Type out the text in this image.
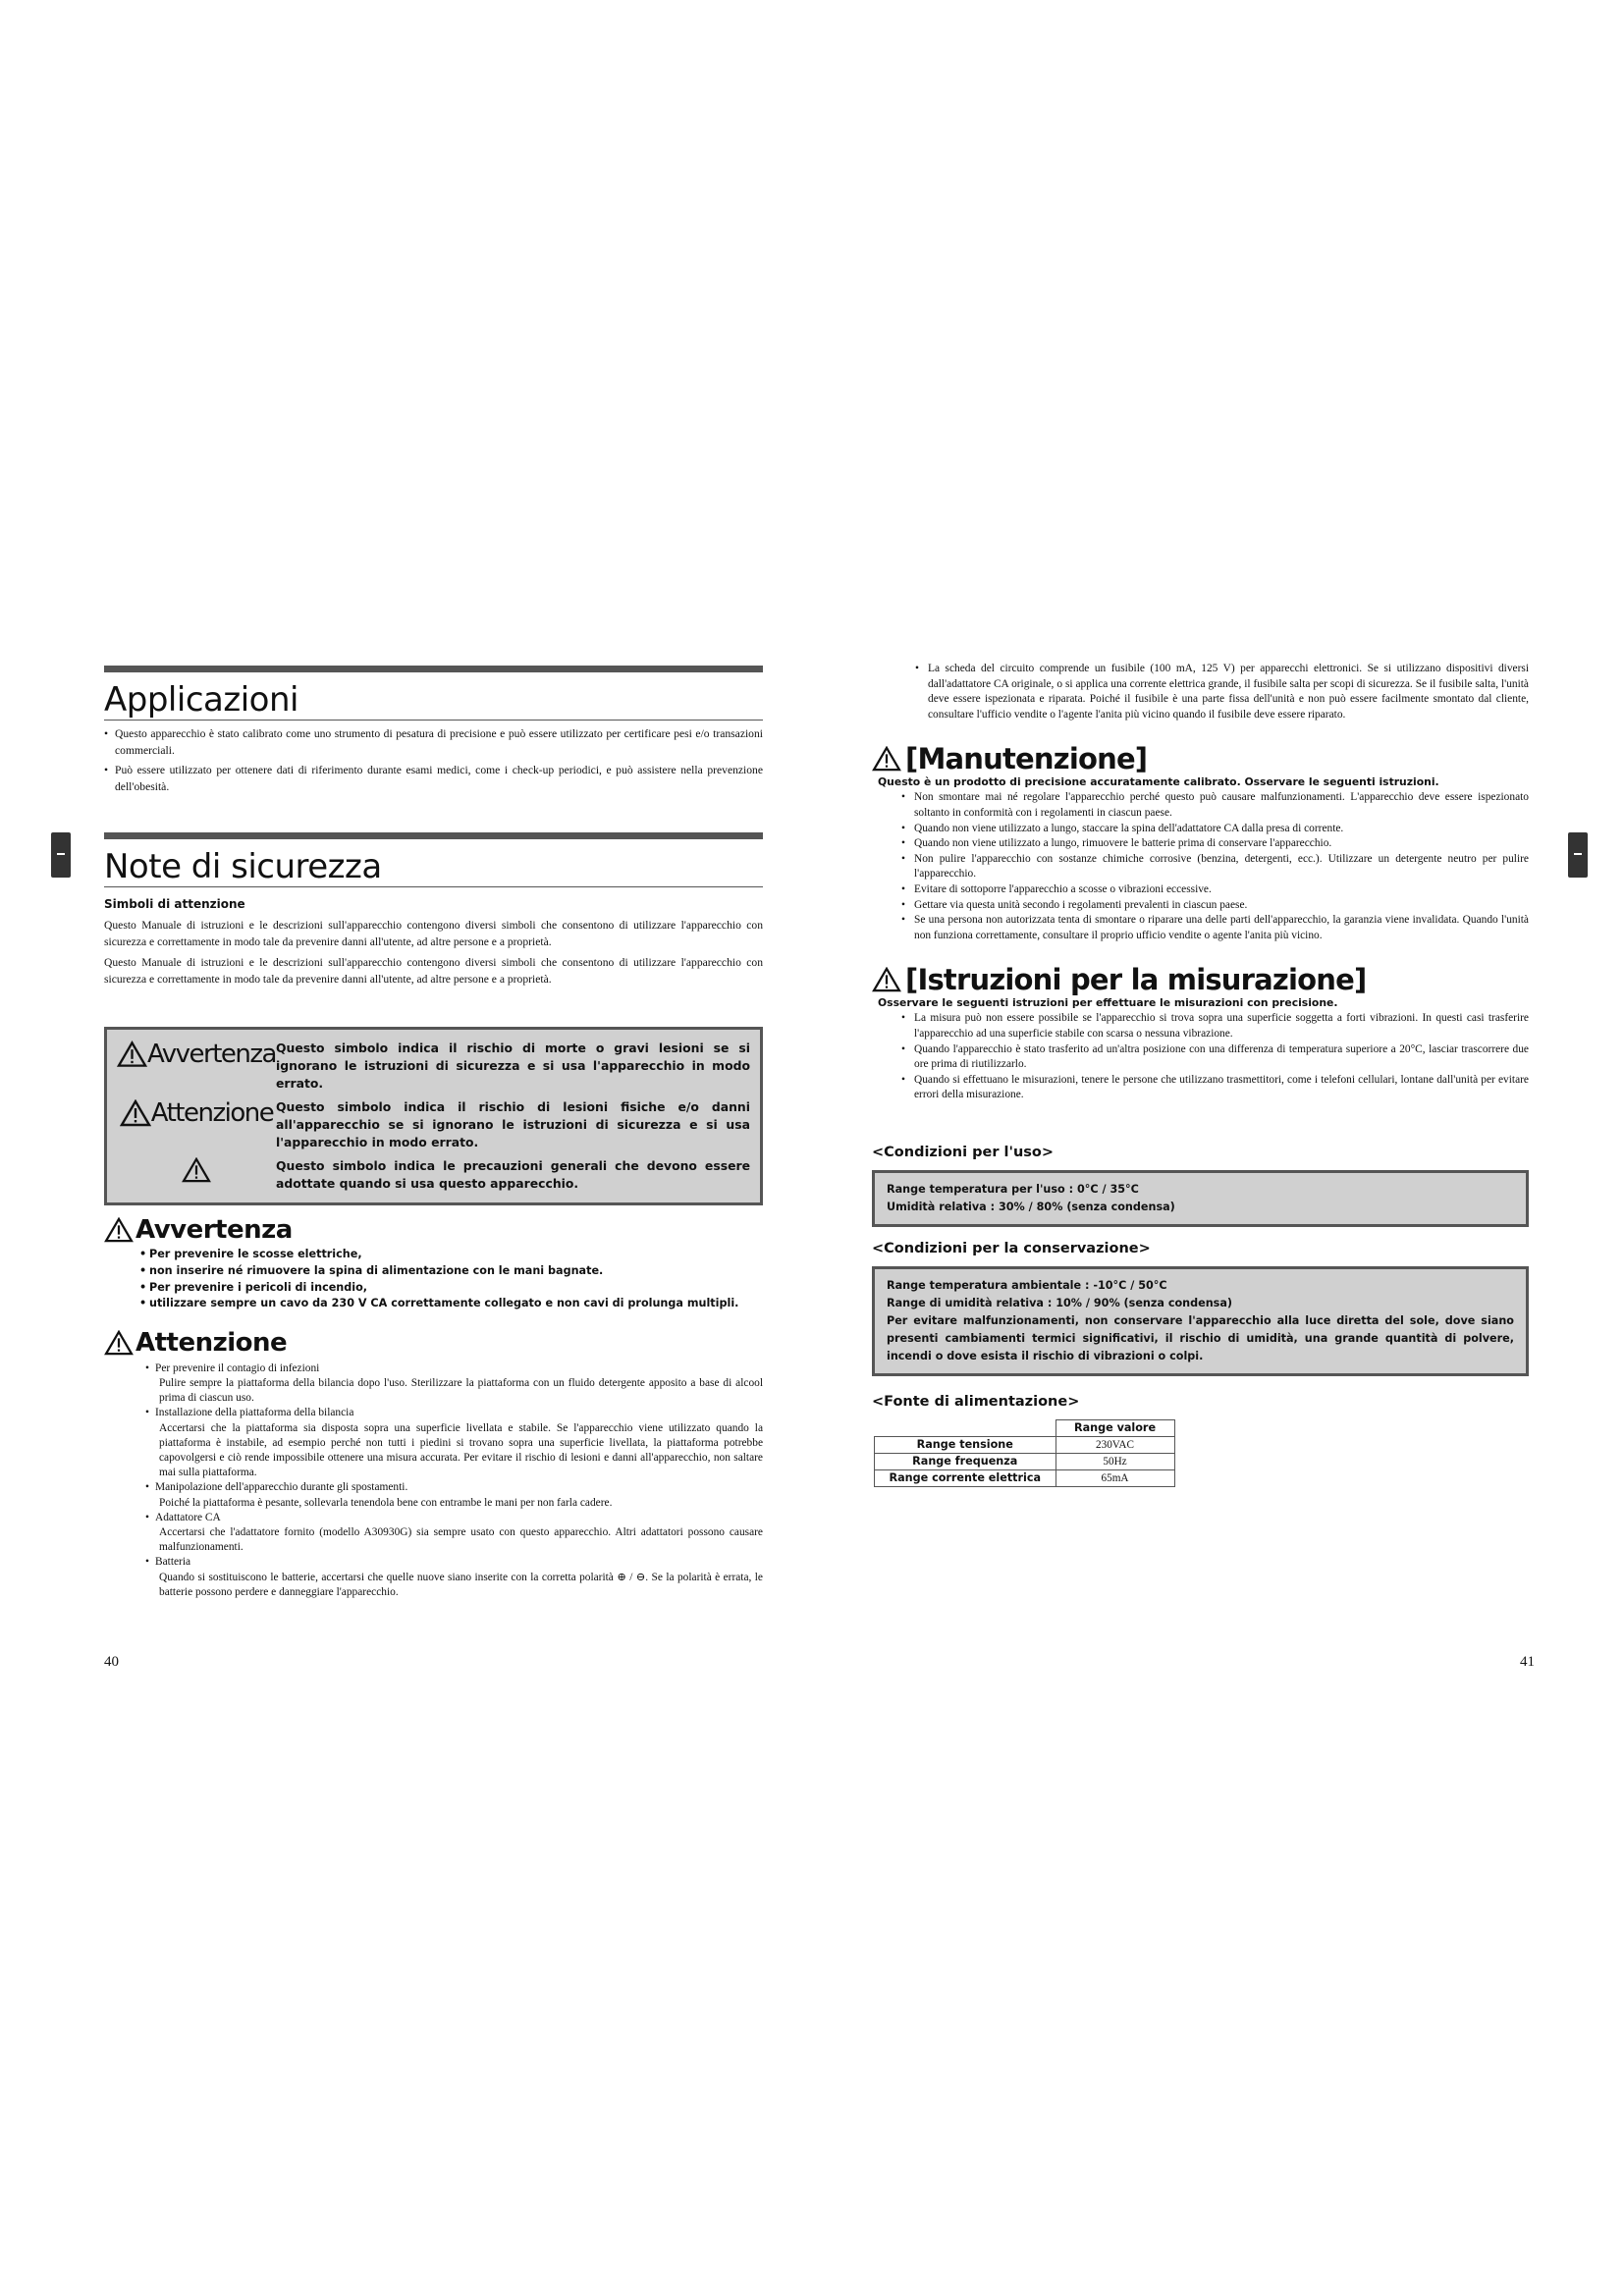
Applicazioni
• Questo apparecchio è stato calibrato come uno strumento di pesatura di precisione e può essere utilizzato per certificare pesi e/o transazioni commerciali.
• Può essere utilizzato per ottenere dati di riferimento durante esami medici, come i check-up periodici, e può assistere nella prevenzione dell'obesità.
Note di sicurezza
Simboli di attenzione

Questo Manuale di istruzioni e le descrizioni sull'apparecchio contengono diversi simboli che consentono di utilizzare l'apparecchio con sicurezza e correttamente in modo tale da prevenire danni all'utente, ad altre persone e a proprietà.

Questo Manuale di istruzioni e le descrizioni sull'apparecchio contengono diversi simboli che consentono di utilizzare l'apparecchio con sicurezza e correttamente in modo tale da prevenire danni all'utente, ad altre persone e a proprietà.

Avvertenza Questo simbolo indica il rischio di morte o gravi lesioni se si ignorano le istruzioni di sicurezza e si usa l'apparecchio in modo errato.
Attenzione Questo simbolo indica il rischio di lesioni fisiche e/o danni all'apparecchio se si ignorano le istruzioni di sicurezza e si usa l'apparecchio in modo errato.
Questo simbolo indica le precauzioni generali che devono essere adottate quando si usa questo apparecchio.
Avvertenza
• Per prevenire le scosse elettriche,
• non inserire né rimuovere la spina di alimentazione con le mani bagnate.
• Per prevenire i pericoli di incendio,
• utilizzare sempre un cavo da 230 V CA correttamente collegato e non cavi di prolunga multipli.
Attenzione
• Per prevenire il contagio di infezioni
Pulire sempre la piattaforma della bilancia dopo l'uso. Sterilizzare la piattaforma con un fluido detergente apposito a base di alcool prima di ciascun uso.
• Installazione della piattaforma della bilancia
Accertarsi che la piattaforma sia disposta sopra una superficie livellata e stabile. Se l'apparecchio viene utilizzato quando la piattaforma è instabile, ad esempio perché non tutti i piedini si trovano sopra una superficie livellata, la piattaforma potrebbe capovolgersi e ciò rende impossibile ottenere una misura accurata. Per evitare il rischio di lesioni e danni all'apparecchio, non saltare mai sulla piattaforma.
• Manipolazione dell'apparecchio durante gli spostamenti.
Poiché la piattaforma è pesante, sollevarla tenendola bene con entrambe le mani per non farla cadere.
• Adattatore CA
Accertarsi che l'adattatore fornito (modello A30930G) sia sempre usato con questo apparecchio. Altri adattatori possono causare malfunzionamenti.
• Batteria
Quando si sostituiscono le batterie, accertarsi che quelle nuove siano inserite con la corretta polarità ⊕ / ⊖. Se la polarità è errata, le batterie possono perdere e danneggiare l'apparecchio.
40
• La scheda del circuito comprende un fusibile (100 mA, 125 V) per apparecchi elettronici. Se si utilizzano dispositivi diversi dall'adattatore CA originale, o si applica una corrente elettrica grande, il fusibile salta per scopi di sicurezza. Se il fusibile salta, l'unità deve essere ispezionata e riparata. Poiché il fusibile è una parte fissa dell'unità e non può essere facilmente smontato dal cliente, consultare l'ufficio vendite o l'agente l'anita più vicino quando il fusibile deve essere riparato.
[Manutenzione]
Questo è un prodotto di precisione accuratamente calibrato. Osservare le seguenti istruzioni.
• Non smontare mai né regolare l'apparecchio perché questo può causare malfunzionamenti. L'apparecchio deve essere ispezionato soltanto in conformità con i regolamenti in ciascun paese.
• Quando non viene utilizzato a lungo, staccare la spina dell'adattatore CA dalla presa di corrente.
• Quando non viene utilizzato a lungo, rimuovere le batterie prima di conservare l'apparecchio.
• Non pulire l'apparecchio con sostanze chimiche corrosive (benzina, detergenti, ecc.). Utilizzare un detergente neutro per pulire l'apparecchio.
• Evitare di sottoporre l'apparecchio a scosse o vibrazioni eccessive.
• Gettare via questa unità secondo i regolamenti prevalenti in ciascun paese.
• Se una persona non autorizzata tenta di smontare o riparare una delle parti dell'apparecchio, la garanzia viene invalidata. Quando l'unità non funziona correttamente, consultare il proprio ufficio vendite o agente l'anita più vicino.
[Istruzioni per la misurazione]
Osservare le seguenti istruzioni per effettuare le misurazioni con precisione.
• La misura può non essere possibile se l'apparecchio si trova sopra una superficie soggetta a forti vibrazioni. In questi casi trasferire l'apparecchio ad una superficie stabile con scarsa o nessuna vibrazione.
• Quando l'apparecchio è stato trasferito ad un'altra posizione con una differenza di temperatura superiore a 20°C, lasciar trascorrere due ore prima di riutilizzarlo.
• Quando si effettuano le misurazioni, tenere le persone che utilizzano trasmettitori, come i telefoni cellulari, lontane dall'unità per evitare errori della misurazione.
<Condizioni per l'uso>
Range temperatura per l'uso : 0°C / 35°C
Umidità relativa : 30% / 80% (senza condensa)
<Condizioni per la conservazione>
Range temperatura ambientale : -10°C / 50°C
Range di umidità relativa : 10% / 90% (senza condensa)
Per evitare malfunzionamenti, non conservare l'apparecchio alla luce diretta del sole, dove siano presenti cambiamenti termici significativi, il rischio di umidità, una grande quantità di polvere, incendi o dove esista il rischio di vibrazioni o colpi.
<Fonte di alimentazione>
	Range valore
Range tensione	230VAC
Range frequenza	50Hz
Range corrente elettrica	65mA
41
